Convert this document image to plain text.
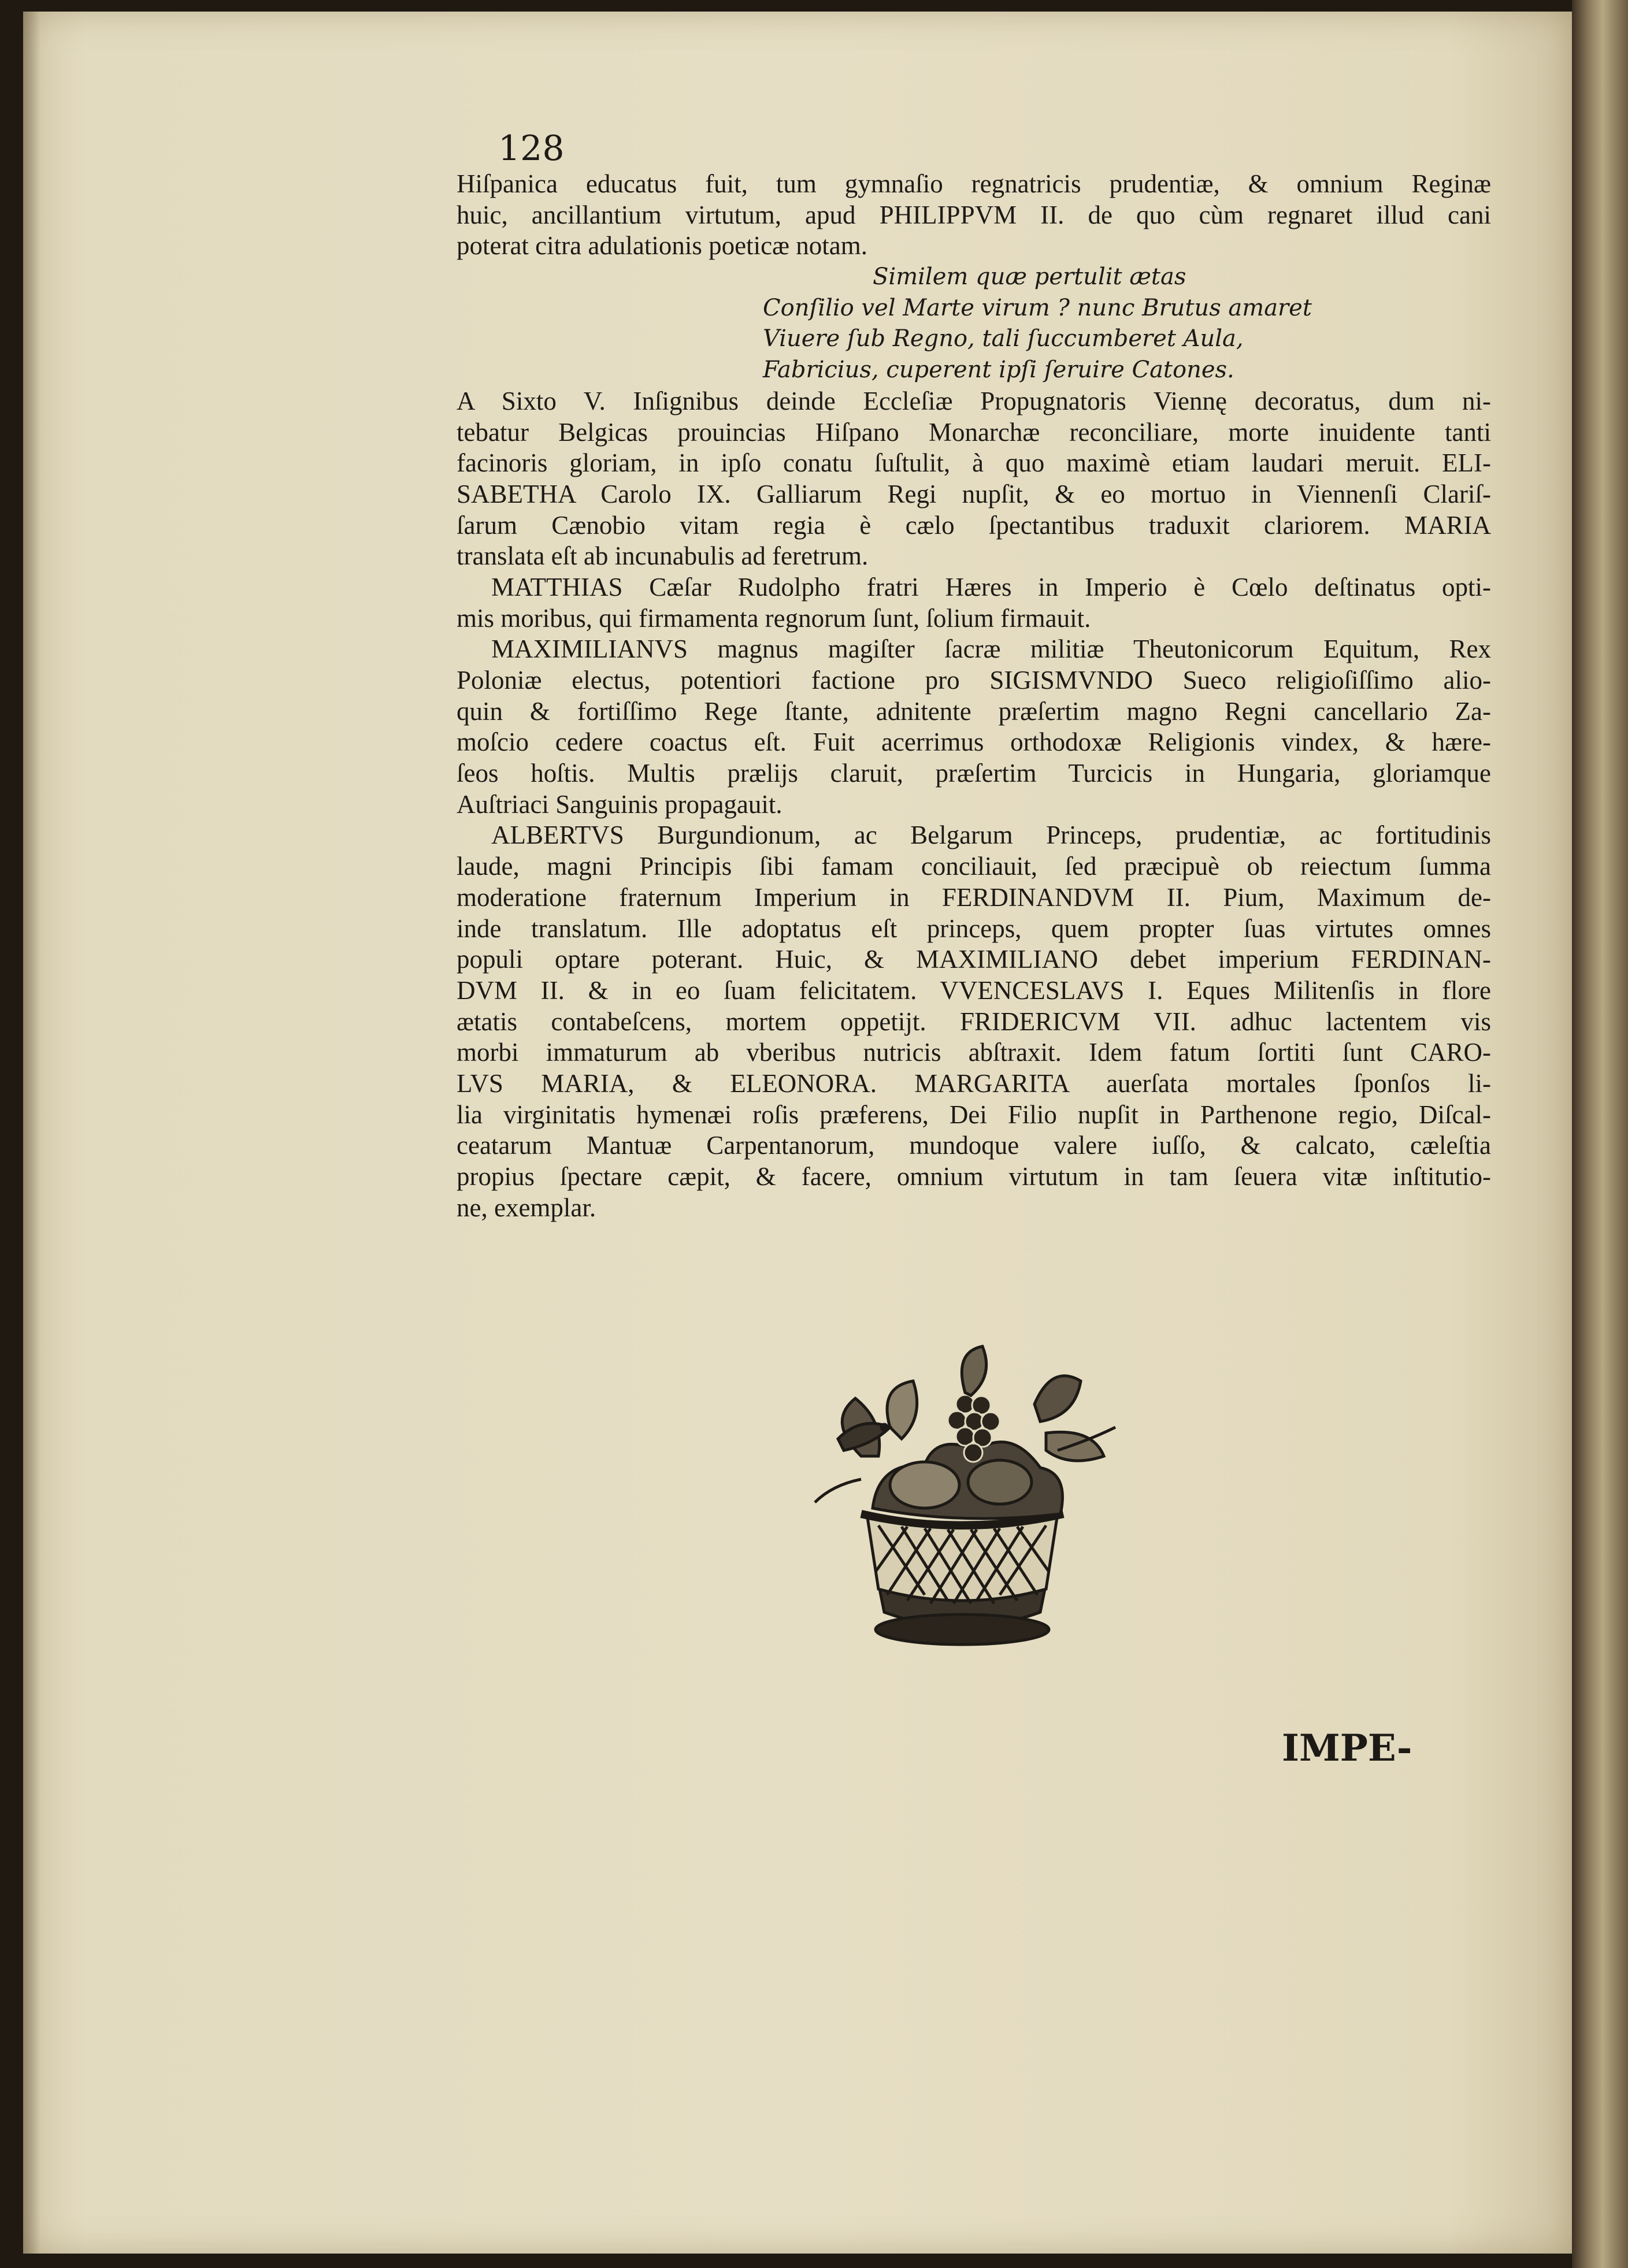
128
Hiſpanica educatus fuit, tum gymnaſio regnatricis prudentiæ, & omnium Reginæ
huic, ancillantium virtutum, apud PHILIPPVM II. de quo cùm regnaret illud cani
poterat citra adulationis poeticæ notam.
Similem quæ pertulit ætas
Conſilio vel Marte virum ? nunc Brutus amaret
Viuere ſub Regno, tali ſuccumberet Aula,
Fabricius, cuperent ipſi ſeruire Catones.
A Sixto V. Inſignibus deinde Eccleſiæ Propugnatoris Viennę decoratus, dum ni-
tebatur Belgicas prouincias Hiſpano Monarchæ reconciliare, morte inuidente tanti
facinoris gloriam, in ipſo conatu ſuſtulit, à quo maximè etiam laudari meruit. ELI-
SABETHA Carolo IX. Galliarum Regi nupſit, & eo mortuo in Viennenſi Clariſ-
ſarum Cænobio vitam regia è cælo ſpectantibus traduxit clariorem. MARIA
translata eſt ab incunabulis ad feretrum.
MATTHIAS Cæſar Rudolpho fratri Hæres in Imperio è Cœlo deſtinatus opti-
mis moribus, qui firmamenta regnorum ſunt, ſolium firmauit.
MAXIMILIANVS magnus magiſter ſacræ militiæ Theutonicorum Equitum, Rex
Poloniæ electus, potentiori factione pro SIGISMVNDO Sueco religioſiſſimo alio-
quin & fortiſſimo Rege ſtante, adnitente præſertim magno Regni cancellario Za-
moſcio cedere coactus eſt. Fuit acerrimus orthodoxæ Religionis vindex, & hære-
ſeos hoſtis. Multis prælijs claruit, præſertim Turcicis in Hungaria, gloriamque
Auſtriaci Sanguinis propagauit.
ALBERTVS Burgundionum, ac Belgarum Princeps, prudentiæ, ac fortitudinis
laude, magni Principis ſibi famam conciliauit, ſed præcipuè ob reiectum ſumma
moderatione fraternum Imperium in FERDINANDVM II. Pium, Maximum de-
inde translatum. Ille adoptatus eſt princeps, quem propter ſuas virtutes omnes
populi optare poterant. Huic, & MAXIMILIANO debet imperium FERDINAN-
DVM II. & in eo ſuam felicitatem. VVENCESLAVS I. Eques Militenſis in flore
ætatis contabeſcens, mortem oppetijt. FRIDERICVM VII. adhuc lactentem vis
morbi immaturum ab vberibus nutricis abſtraxit. Idem fatum ſortiti ſunt CARO-
LVS MARIA, & ELEONORA. MARGARITA auerſata mortales ſponſos li-
lia virginitatis hymenæi roſis præferens, Dei Filio nupſit in Parthenone regio, Diſcal-
ceatarum Mantuæ Carpentanorum, mundoque valere iuſſo, & calcato, cæleſtia
propius ſpectare cæpit, & facere, omnium virtutum in tam ſeuera vitæ inſtitutio-
ne, exemplar.
IMPE-
